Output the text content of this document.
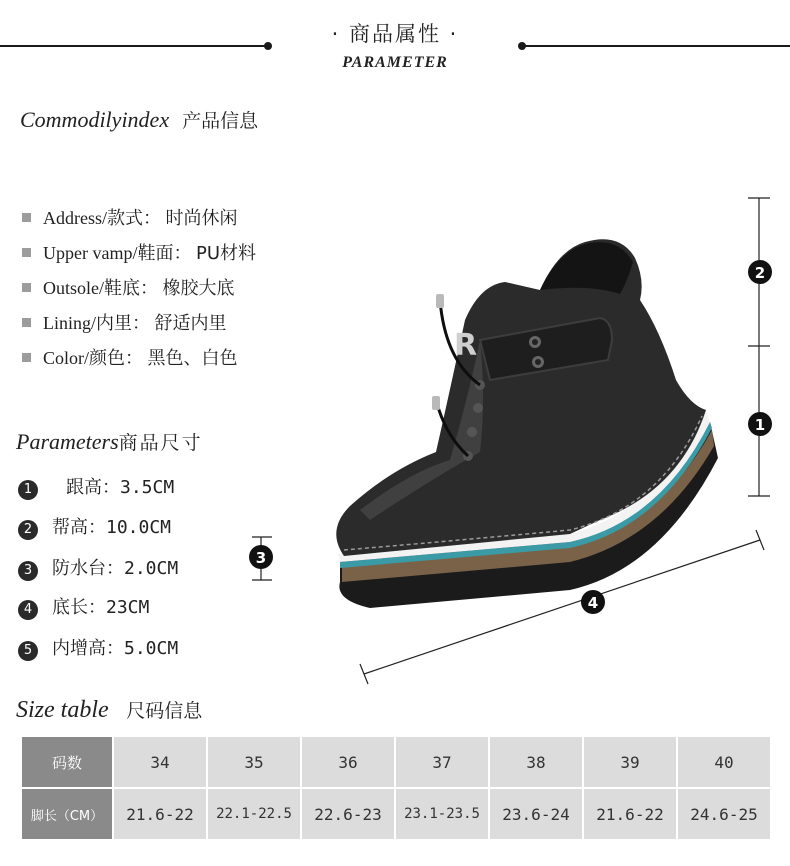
· 商品属性 ·
PARAMETER
Commodilyindex 产品信息
Address/款式： 时尚休闲
Upper vamp/鞋面： PU材料
Outsole/鞋底： 橡胶大底
Lining/内里： 舒适内里
Color/颜色： 黑色、白色
Parameters商品尺寸
1 跟高：3.5CM
2 帮高：10.0CM
3 防水台：2.0CM
4 底长：23CM
5 内增高：5.0CM
R
2
1
3
4
Size table 尺码信息
码数	34	35	36	37	38	39	40
脚长（CM）	21.6-22	22.1-22.5	22.6-23	23.1-23.5	23.6-24	21.6-22	24.6-25
